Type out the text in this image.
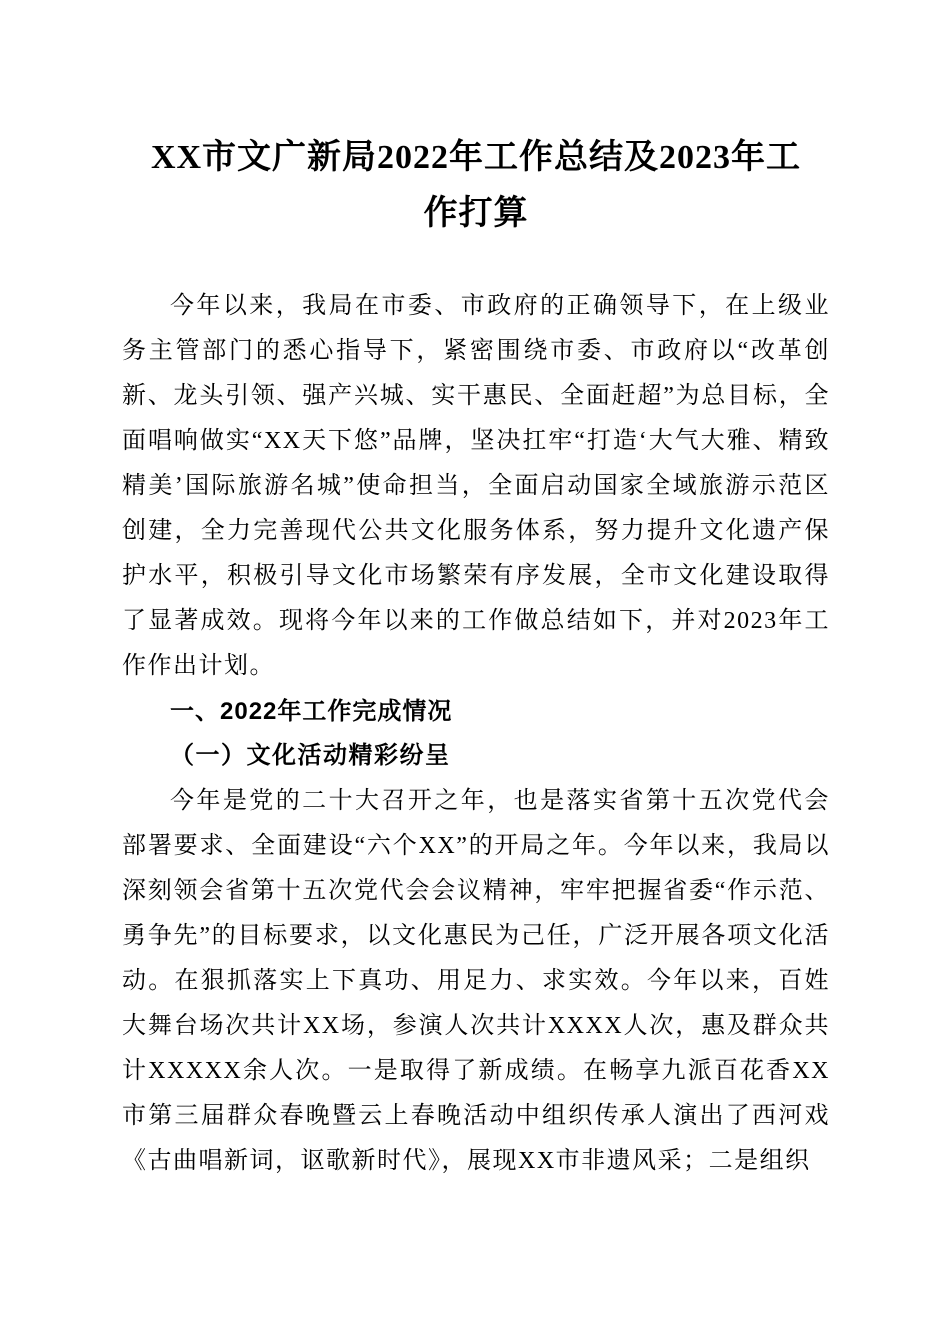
XX市文广新局2022年工作总结及2023年工
作打算

今年以来，我局在市委、市政府的正确领导下，在上级业务主管部门的悉心指导下，紧密围绕市委、市政府以“改革创新、龙头引领、强产兴城、实干惠民、全面赶超”为总目标，全面唱响做实“XX天下悠”品牌，坚决扛牢“打造‘大气大雅、精致精美’国际旅游名城”使命担当，全面启动国家全域旅游示范区创建，全力完善现代公共文化服务体系，努力提升文化遗产保护水平，积极引导文化市场繁荣有序发展，全市文化建设取得了显著成效。现将今年以来的工作做总结如下，并对2023年工作作出计划。

一、2022年工作完成情况
（一）文化活动精彩纷呈

今年是党的二十大召开之年，也是落实省第十五次党代会部署要求、全面建设“六个XX”的开局之年。今年以来，我局以深刻领会省第十五次党代会会议精神，牢牢把握省委“作示范、勇争先”的目标要求，以文化惠民为己任，广泛开展各项文化活动。在狠抓落实上下真功、用足力、求实效。今年以来，百姓大舞台场次共计XX场，参演人次共计XXXX人次，惠及群众共计XXXXX余人次。一是取得了新成绩。在畅享九派百花香XX市第三届群众春晚暨云上春晚活动中组织传承人演出了西河戏《古曲唱新词，讴歌新时代》，展现XX市非遗风采；二是组织
